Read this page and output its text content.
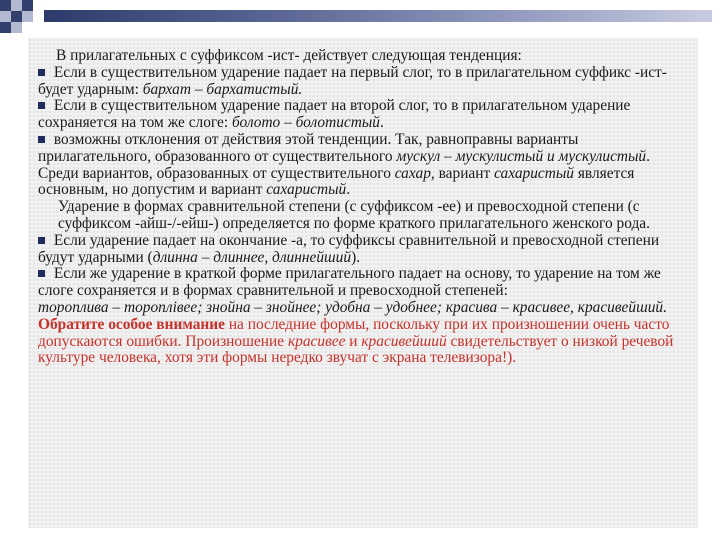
В прилагательных с суффиксом -ист- действует следующая тенденция:

Если в существительном ударение падает на первый слог, то в прилагательном суффикс -ист- будет ударным: бархат – бархатистый.

Если в существительном ударение падает на второй слог, то в прилагательном ударение сохраняется на том же слоге: болото – болотистый.

возможны отклонения от действия этой тенденции. Так, равноправны варианты прилагательного, образованного от существительного мускул – мускулистый и мускулистый. Среди вариантов, образованных от существительного сахар, вариант сахаристый является основным, но допустим и вариант сахаристый.

Ударение в формах сравнительной степени (с суффиксом -ее) и превосходной степени (с суффиксом -айш-/-ейш-) определяется по форме краткого прилагательного женского рода.

Если ударение падает на окончание -а, то суффиксы сравнительной и превосходной степени будут ударными (длинна – длиннее, длиннейший).

Если же ударение в краткой форме прилагательного падает на основу, то ударение на том же слоге сохраняется и в формах сравнительной и превосходной степеней:

тороплива – тороплівее; знойна – знойнее; удобна – удобнее; красива – красивее, красивейший.

Обратите особое внимание на последние формы, поскольку при их произношении очень часто допускаются ошибки. Произношение красивее и красивейший свидетельствует о низкой речевой культуре человека, хотя эти формы нередко звучат с экрана телевизора!).
